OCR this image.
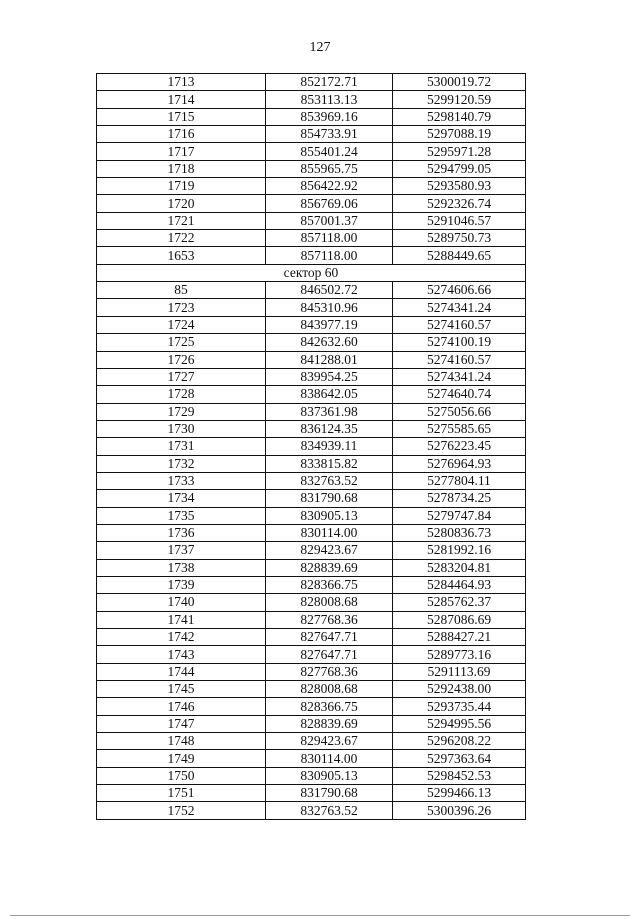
127
1713	852172.71	5300019.72
1714	853113.13	5299120.59
1715	853969.16	5298140.79
1716	854733.91	5297088.19
1717	855401.24	5295971.28
1718	855965.75	5294799.05
1719	856422.92	5293580.93
1720	856769.06	5292326.74
1721	857001.37	5291046.57
1722	857118.00	5289750.73
1653	857118.00	5288449.65
сектор 60		
85	846502.72	5274606.66
1723	845310.96	5274341.24
1724	843977.19	5274160.57
1725	842632.60	5274100.19
1726	841288.01	5274160.57
1727	839954.25	5274341.24
1728	838642.05	5274640.74
1729	837361.98	5275056.66
1730	836124.35	5275585.65
1731	834939.11	5276223.45
1732	833815.82	5276964.93
1733	832763.52	5277804.11
1734	831790.68	5278734.25
1735	830905.13	5279747.84
1736	830114.00	5280836.73
1737	829423.67	5281992.16
1738	828839.69	5283204.81
1739	828366.75	5284464.93
1740	828008.68	5285762.37
1741	827768.36	5287086.69
1742	827647.71	5288427.21
1743	827647.71	5289773.16
1744	827768.36	5291113.69
1745	828008.68	5292438.00
1746	828366.75	5293735.44
1747	828839.69	5294995.56
1748	829423.67	5296208.22
1749	830114.00	5297363.64
1750	830905.13	5298452.53
1751	831790.68	5299466.13
1752	832763.52	5300396.26
